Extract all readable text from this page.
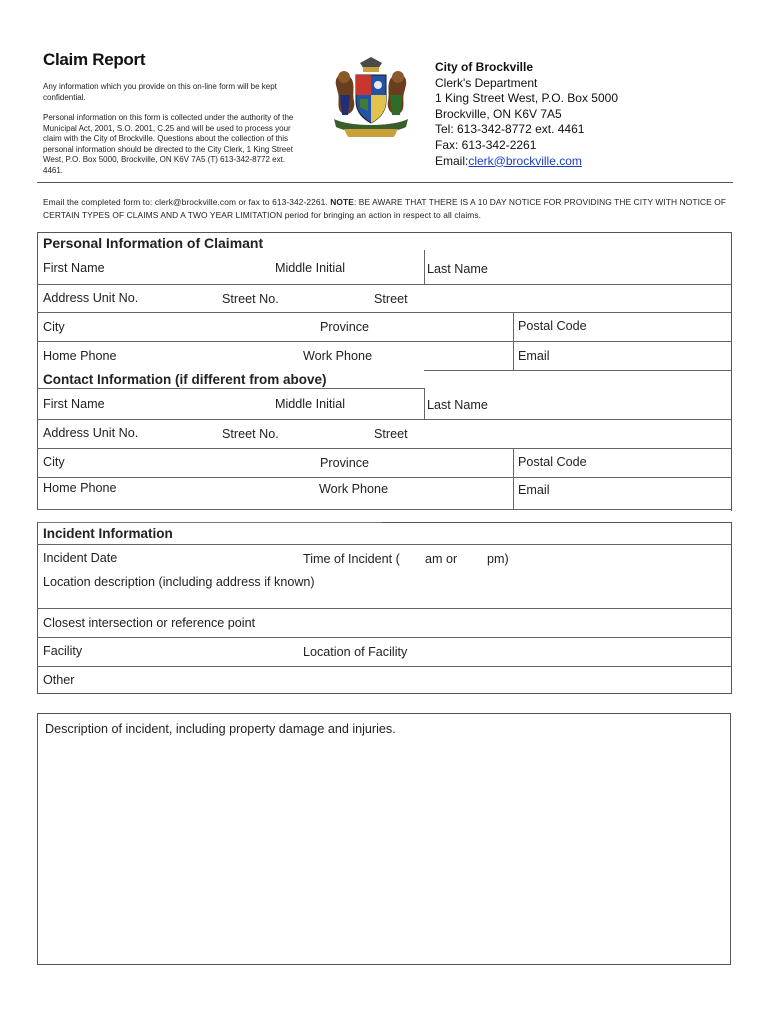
Claim Report
Any information which you provide on this on-line form will be kept confidential.
Personal information on this form is collected under the authority of the Municipal Act, 2001, S.O. 2001, C.25 and will be used to process your claim with the City of Brockville. Questions about the collection of this personal information should be directed to the City Clerk, 1 King Street West, P.O. Box 5000, Brockville, ON K6V 7A5 (T) 613-342-8772 ext. 4461.
City of Brockville
Clerk's Department
1 King Street West, P.O. Box 5000
Brockville, ON K6V 7A5
Tel: 613-342-8772 ext. 4461
Fax: 613-342-2261
Email:clerk@brockville.com
Email the completed form to: clerk@brockville.com or fax to 613-342-2261. NOTE: BE AWARE THAT THERE IS A 10 DAY NOTICE FOR PROVIDING THE CITY WITH NOTICE OF CERTAIN TYPES OF CLAIMS AND A TWO YEAR LIMITATION period for bringing an action in respect to all claims.
Personal Information of Claimant
First Name	Middle Initial	Last Name
Address Unit No.	Street No.	Street
City	Province	Postal Code
Home Phone	Work Phone	Email
Contact Information (if different from above)
First Name	Middle Initial	Last Name
Address Unit No.	Street No.	Street
City	Province	Postal Code
Home Phone	Work Phone	Email
Incident Information
Incident Date	Time of Incident ( am or pm)
Location description (including address if known)
Closest intersection or reference point
Facility	Location of Facility
Other
Description of incident, including property damage and injuries.
